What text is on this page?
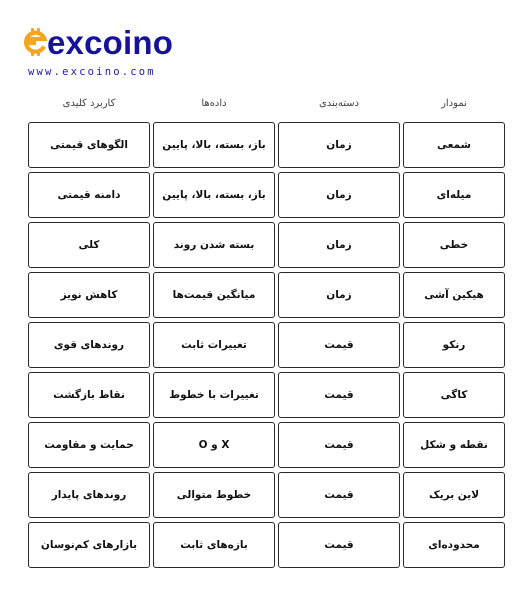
excoino
www.excoino.com
کاربرد کلیدی	داده‌ها	دسته‌بندی	نمودار
الگوهای قیمتی	باز، بسته، بالا، پایین	زمان	شمعی
دامنه قیمتی	باز، بسته، بالا، پایین	زمان	میله‌ای
کلی	بسته شدن روند	زمان	خطی
کاهش نویز	میانگین قیمت‌ها	زمان	هیکین آشی
روندهای قوی	تغییرات ثابت	قیمت	رنکو
نقاط بازگشت	تغییرات با خطوط	قیمت	کاگی
حمایت و مقاومت	X و O	قیمت	نقطه و شکل
روندهای پایدار	خطوط متوالی	قیمت	لاین بریک
بازارهای کم‌نوسان	بازه‌های ثابت	قیمت	محدوده‌ای
